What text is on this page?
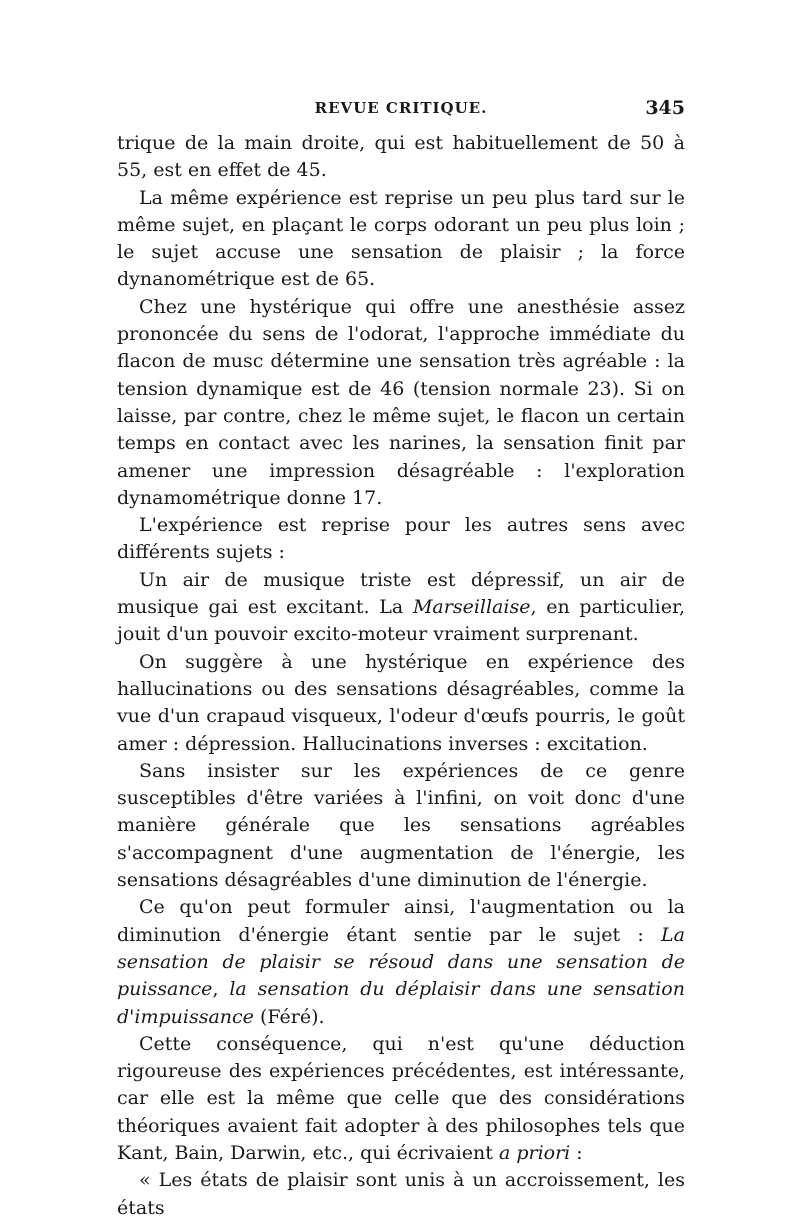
REVUE CRITIQUE.	345

trique de la main droite, qui est habituellement de 50 à 55, est en effet de 45.

La même expérience est reprise un peu plus tard sur le même sujet, en plaçant le corps odorant un peu plus loin ; le sujet accuse une sensation de plaisir ; la force dynanométrique est de 65.

Chez une hystérique qui offre une anesthésie assez prononcée du sens de l'odorat, l'approche immédiate du flacon de musc détermine une sensation très agréable : la tension dynamique est de 46 (tension normale 23). Si on laisse, par contre, chez le même sujet, le flacon un certain temps en contact avec les narines, la sensation finit par amener une impression désagréable : l'exploration dynamométrique donne 17.

L'expérience est reprise pour les autres sens avec différents sujets :

Un air de musique triste est dépressif, un air de musique gai est excitant. La Marseillaise, en particulier, jouit d'un pouvoir excito-moteur vraiment surprenant.

On suggère à une hystérique en expérience des hallucinations ou des sensations désagréables, comme la vue d'un crapaud visqueux, l'odeur d'œufs pourris, le goût amer : dépression. Hallucinations inverses : excitation.

Sans insister sur les expériences de ce genre susceptibles d'être variées à l'infini, on voit donc d'une manière générale que les sensations agréables s'accompagnent d'une augmentation de l'énergie, les sensations désagréables d'une diminution de l'énergie.

Ce qu'on peut formuler ainsi, l'augmentation ou la diminution d'énergie étant sentie par le sujet : La sensation de plaisir se résoud dans une sensation de puissance, la sensation du déplaisir dans une sensation d'impuissance (Féré).

Cette conséquence, qui n'est qu'une déduction rigoureuse des expériences précédentes, est intéressante, car elle est la même que celle que des considérations théoriques avaient fait adopter à des philosophes tels que Kant, Bain, Darwin, etc., qui écrivaient a priori :

« Les états de plaisir sont unis à un accroissement, les états
